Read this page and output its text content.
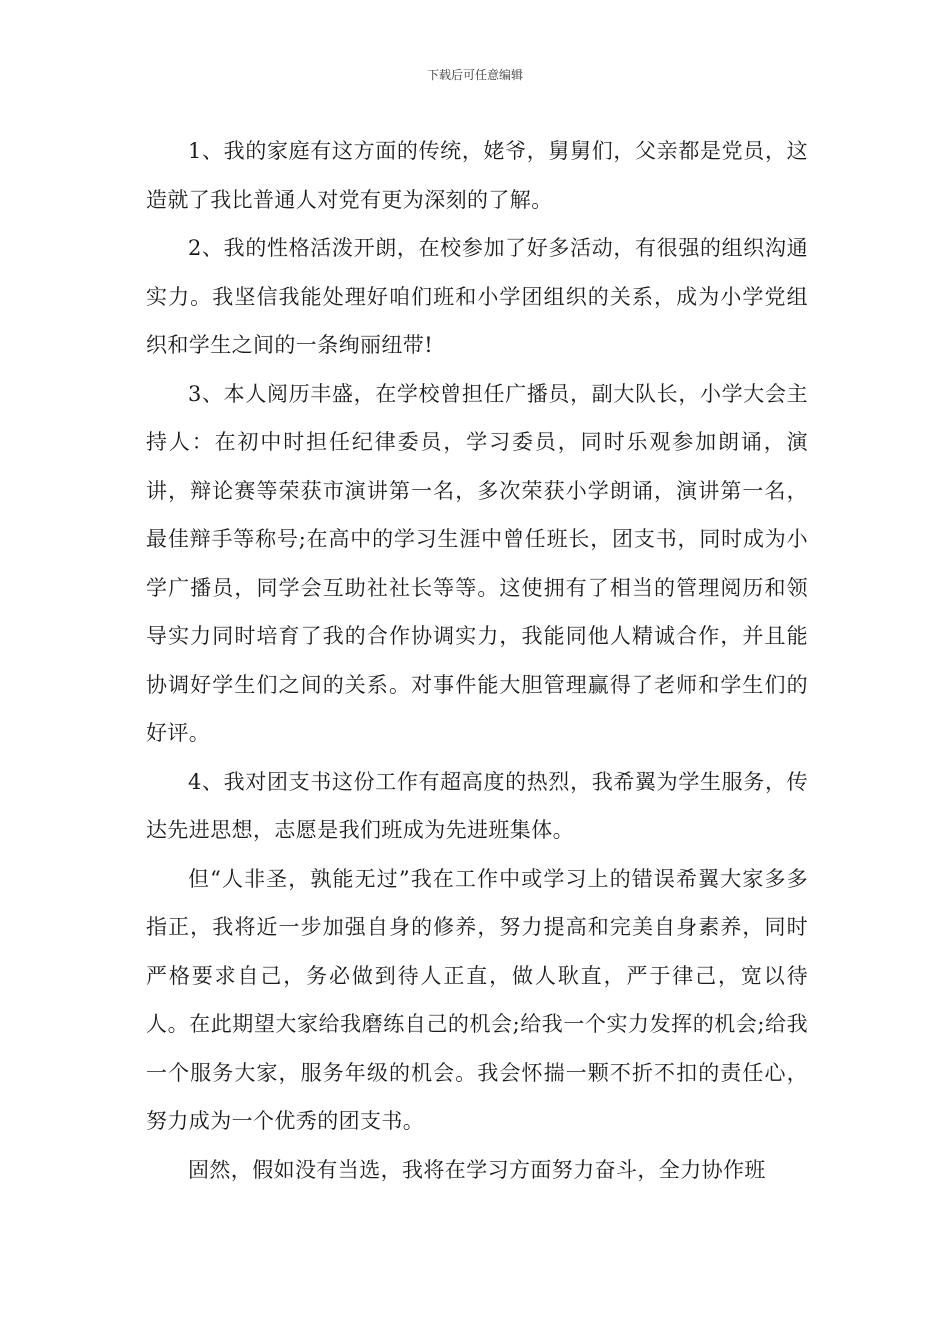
下载后可任意编辑

1、我的家庭有这方面的传统，姥爷，舅舅们，父亲都是党员，这造就了我比普通人对党有更为深刻的了解。

2、我的性格活泼开朗，在校参加了好多活动，有很强的组织沟通实力。我坚信我能处理好咱们班和小学团组织的关系，成为小学党组织和学生之间的一条绚丽纽带!

3、本人阅历丰盛，在学校曾担任广播员，副大队长，小学大会主持人：在初中时担任纪律委员，学习委员，同时乐观参加朗诵，演讲，辩论赛等荣获市演讲第一名，多次荣获小学朗诵，演讲第一名，最佳辩手等称号;在高中的学习生涯中曾任班长，团支书，同时成为小学广播员，同学会互助社社长等等。这使拥有了相当的管理阅历和领导实力同时培育了我的合作协调实力，我能同他人精诚合作，并且能协调好学生们之间的关系。对事件能大胆管理赢得了老师和学生们的好评。

4、我对团支书这份工作有超高度的热烈，我希翼为学生服务，传达先进思想，志愿是我们班成为先进班集体。

但“人非圣，孰能无过”我在工作中或学习上的错误希翼大家多多指正，我将近一步加强自身的修养，努力提高和完美自身素养，同时严格要求自己，务必做到待人正直，做人耿直，严于律己，宽以待人。在此期望大家给我磨练自己的机会;给我一个实力发挥的机会;给我一个服务大家，服务年级的机会。我会怀揣一颗不折不扣的责任心，努力成为一个优秀的团支书。

固然，假如没有当选，我将在学习方面努力奋斗，全力协作班
